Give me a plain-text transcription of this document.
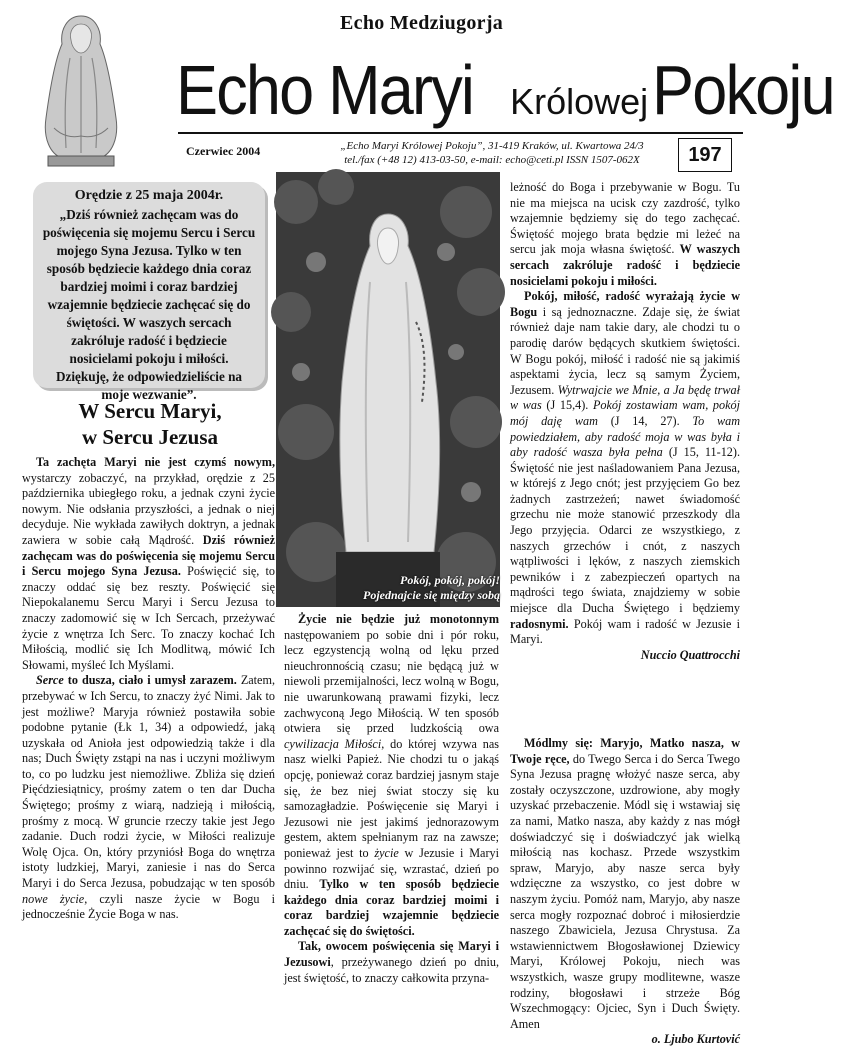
Echo Medziugorja
Echo Maryi Królowej Pokoju
Czerwiec 2004	„Echo Maryi Królowej Pokoju”, 31-419 Kraków, ul. Kwartowa 24/3
tel./fax (+48 12) 413-03-50, e-mail: echo@ceti.pl ISSN 1507-062X	197
Orędzie z 25 maja 2004r.
„Dziś również zachęcam was do poświęcenia się mojemu Sercu i Sercu mojego Syna Jezusa. Tylko w ten sposób będziecie każdego dnia coraz bardziej moimi i coraz bardziej wzajemnie będziecie zachęcać się do świętości. W waszych sercach zakróluje radość i będziecie nosicielami pokoju i miłości. Dziękuję, że odpowiedzieliście na moje wezwanie”.
W Sercu Maryi,
w Sercu Jezusa

Ta zachęta Maryi nie jest czymś nowym, wystarczy zobaczyć, na przykład, orędzie z 25 października ubiegłego roku, a jednak czyni życie nowym. Nie odsłania przyszłości, a jednak o niej decyduje. Nie wykłada zawiłych doktryn, a jednak zawiera w sobie całą Mądrość. Dziś również zachęcam was do poświęcenia się mojemu Sercu i Sercu mojego Syna Jezusa. Poświęcić się, to znaczy oddać się bez reszty. Poświęcić się Niepokalanemu Sercu Maryi i Sercu Jezusa to znaczy zadomowić się w Ich Sercach, przeżywać życie z wnętrza Ich Serc. To znaczy kochać Ich Miłością, modlić się Ich Modlitwą, mówić Ich Słowami, myśleć Ich Myślami.

Serce to dusza, ciało i umysł zarazem. Zatem, przebywać w Ich Sercu, to znaczy żyć Nimi. Jak to jest możliwe? Maryja również postawiła sobie podobne pytanie (Łk 1, 34) a odpowiedź, jaką uzyskała od Anioła jest odpowiedzią także i dla nas; Duch Święty zstąpi na nas i uczyni możliwym to, co po ludzku jest niemożliwe. Zbliża się dzień Pięćdziesiątnicy, prośmy zatem o ten dar Ducha Świętego; prośmy z wiarą, nadzieją i miłością, prośmy z mocą. W gruncie rzeczy takie jest Jego zadanie. Duch rodzi życie, w Miłości realizuje Wolę Ojca. On, który przyniósł Boga do wnętrza istoty ludzkiej, Maryi, zaniesie i nas do Serca Maryi i do Serca Jezusa, pobudzając w ten sposób nowe życie, czyli nasze życie w Bogu i jednocześnie Życie Boga w nas.

Pokój, pokój, pokój!
Pojednajcie się między sobą

Życie nie będzie już monotonnym następowaniem po sobie dni i pór roku, lecz egzystencją wolną od lęku przed nieuchronnością czasu; nie będącą już w niewoli przemijalności, lecz wolną w Bogu, nie uwarunkowaną prawami fizyki, lecz zachwyconą Jego Miłością. W ten sposób otwiera się przed ludzkością owa cywilizacja Miłości, do której wzywa nas nasz wielki Papież. Nie chodzi tu o jakąś opcję, ponieważ coraz bardziej jasnym staje się, że bez niej świat stoczy się ku samozagładzie. Poświęcenie się Maryi i Jezusowi nie jest jakimś jednorazowym gestem, aktem spełnianym raz na zawsze; ponieważ jest to życie w Jezusie i Maryi powinno rozwijać się, wzrastać, dzień po dniu. Tylko w ten sposób będziecie każdego dnia coraz bardziej moimi i coraz bardziej wzajemnie będziecie zachęcać się do świętości.

Tak, owocem poświęcenia się Maryi i Jezusowi, przeżywanego dzień po dniu, jest świętość, to znaczy całkowita przyna-

leżność do Boga i przebywanie w Bogu. Tu nie ma miejsca na ucisk czy zazdrość, tylko wzajemnie będziemy się do tego zachęcać. Świętość mojego brata będzie mi leżeć na sercu jak moja własna świętość. W waszych sercach zakróluje radość i będziecie nosicielami pokoju i miłości.

Pokój, miłość, radość wyrażają życie w Bogu i są jednoznaczne. Zdaje się, że świat również daje nam takie dary, ale chodzi tu o parodię darów będących skutkiem świętości. W Bogu pokój, miłość i radość nie są jakimiś aspektami życia, lecz są samym Życiem, Jezusem. Wytrwajcie we Mnie, a Ja będę trwał w was (J 15,4). Pokój zostawiam wam, pokój mój daję wam (J 14, 27). To wam powiedziałem, aby radość moja w was była i aby radość wasza była pełna (J 15, 11-12). Świętość nie jest naśladowaniem Pana Jezusa, w którejś z Jego cnót; jest przyjęciem Go bez żadnych zastrzeżeń; nawet świadomość grzechu nie może stanowić przeszkody dla Jego przyjęcia. Odarci ze wszystkiego, z naszych grzechów i cnót, z naszych wątpliwości i lęków, z naszych ziemskich pewników i z zabezpieczeń opartych na mądrości tego świata, znajdziemy w sobie miejsce dla Ducha Świętego i będziemy radosnymi. Pokój wam i radość w Jezusie i Maryi.

Nuccio Quattrocchi

Módlmy się: Maryjo, Matko nasza, w Twoje ręce, do Twego Serca i do Serca Twego Syna Jezusa pragnę włożyć nasze serca, aby zostały oczyszczone, uzdrowione, aby mogły uzyskać przebaczenie. Módl się i wstawiaj się za nami, Matko nasza, aby każdy z nas mógł doświadczyć się i doświadczyć jak wielką miłością nas kochasz. Przede wszystkim spraw, Maryjo, aby nasze serca były wdzięczne za wszystko, co jest dobre w naszym życiu. Pomóż nam, Maryjo, aby nasze serca mogły rozpoznać dobroć i miłosierdzie naszego Zbawiciela, Jezusa Chrystusa. Za wstawiennictwem Błogosławionej Dziewicy Maryi, Królowej Pokoju, niech was wszystkich, wasze grupy modlitewne, wasze rodziny, błogosławi i strzeże Bóg Wszechmogący: Ojciec, Syn i Duch Święty. Amen

o. Ljubo Kurtović
